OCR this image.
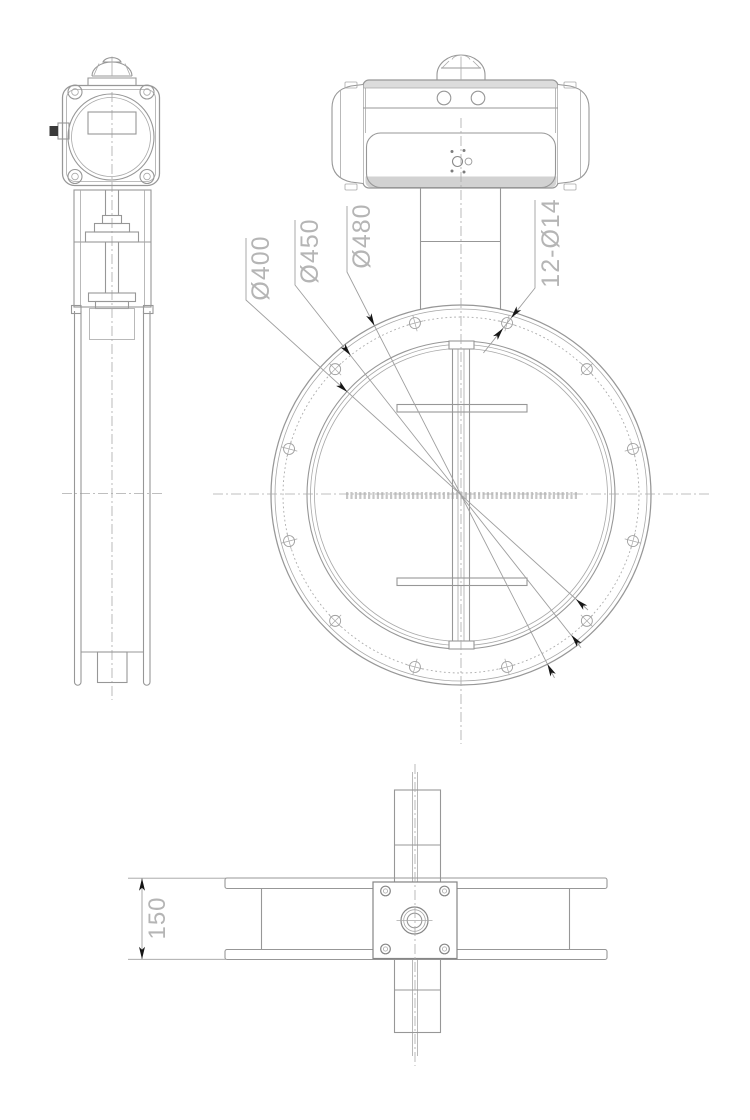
Ø400 Ø450 Ø480	12-Ø14
150
